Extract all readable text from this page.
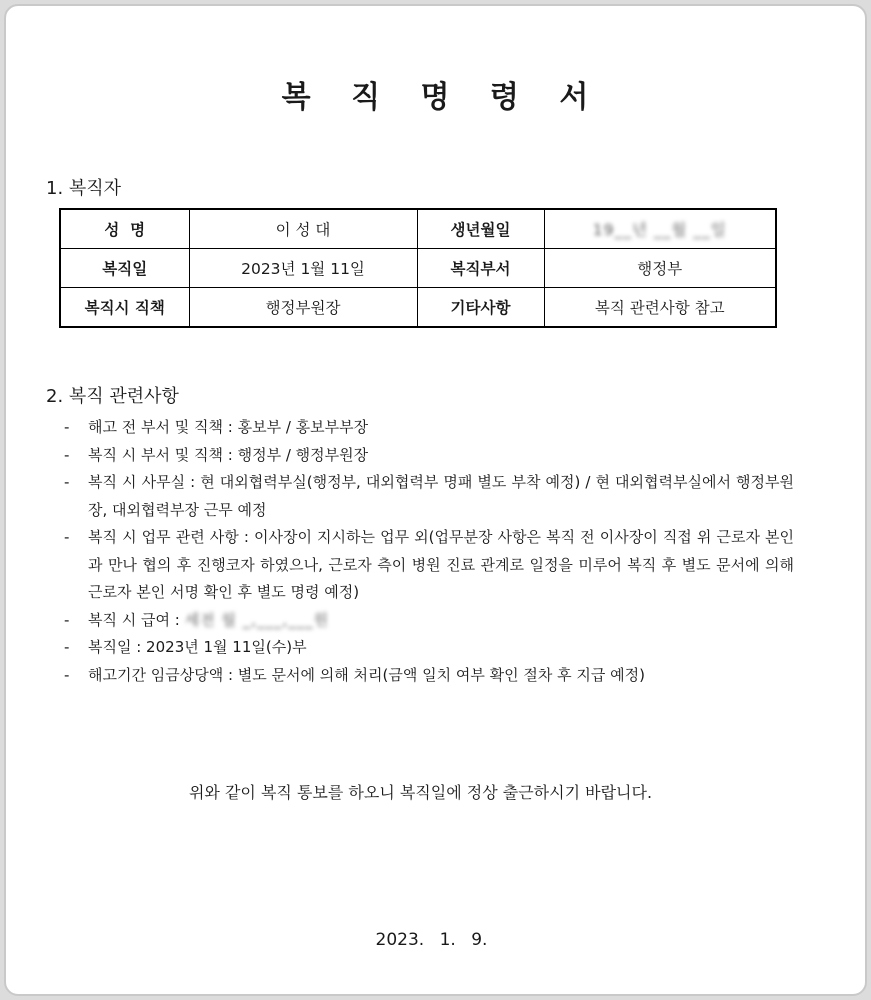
복 직 명 령 서
1. 복직자
성  명	이 성 대	생년월일	19__년 __월 __일
복직일	2023년 1월 11일	복직부서	행정부
복직시 직책	행정부원장	기타사항	복직 관련사항 참고
2. 복직 관련사항
- 해고 전 부서 및 직책 : 홍보부 / 홍보부부장
- 복직 시 부서 및 직책 : 행정부 / 행정부원장
- 복직 시 사무실 : 현 대외협력부실(행정부, 대외협력부 명패 별도 부착 예정) / 현 대외협력부실에서 행정부원장, 대외협력부장 근무 예정
- 복직 시 업무 관련 사항 : 이사장이 지시하는 업무 외(업무분장 사항은 복직 전 이사장이 직접 위 근로자 본인과 만나 협의 후 진행코자 하였으나, 근로자 측이 병원 진료 관계로 일정을 미루어 복직 후 별도 문서에 의해 근로자 본인 서명 확인 후 별도 명령 예정)
- 복직 시 급여 : 세전 월 _,___,___원
- 복직일 : 2023년 1월 11일(수)부
- 해고기간 임금상당액 : 별도 문서에 의해 처리(금액 일치 여부 확인 절차 후 지급 예정)
위와 같이 복직 통보를 하오니 복직일에 정상 출근하시기 바랍니다.
2023. 1. 9.
